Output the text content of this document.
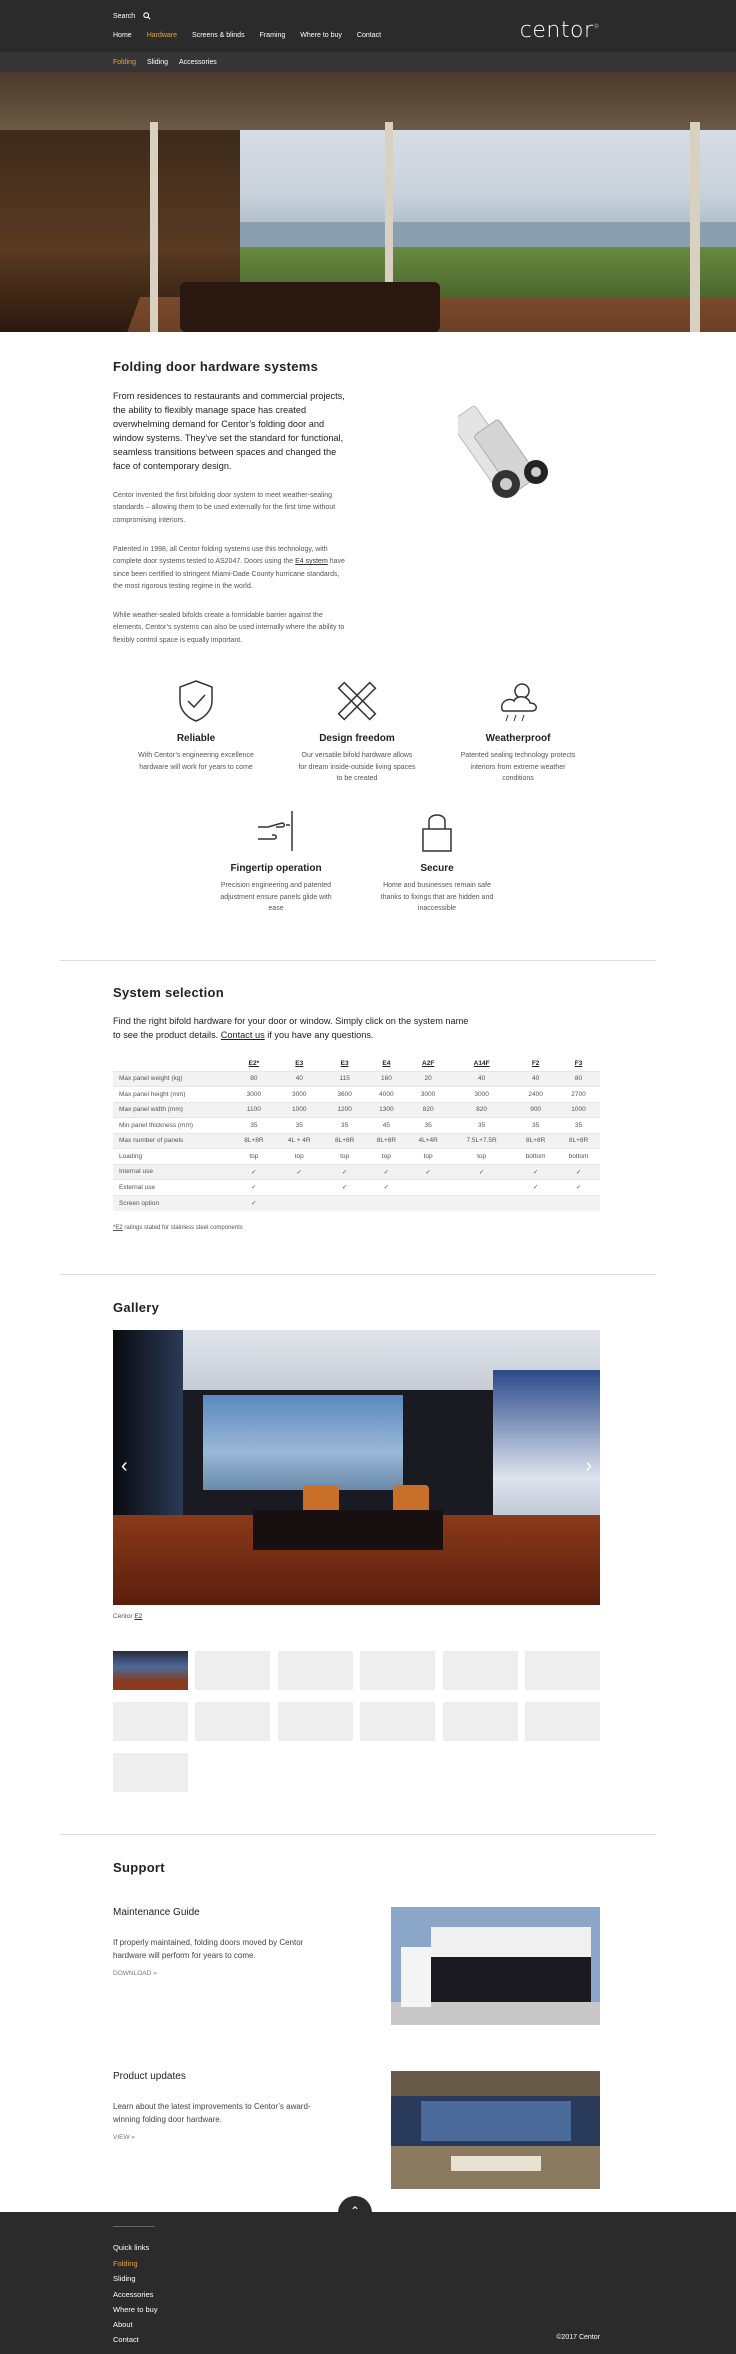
Search
Home Hardware Screens & blinds Framing Where to buy Contact	centor®
Folding Sliding Accessories
Folding door hardware systems

From residences to restaurants and commercial projects, the ability to flexibly manage space has created overwhelming demand for Centor’s folding door and window systems. They’ve set the standard for functional, seamless transitions between spaces and changed the face of contemporary design.

Centor invented the first bifolding door system to meet weather-sealing standards – allowing them to be used externally for the first time without compromising interiors.

Patented in 1998, all Centor folding systems use this technology, with complete door systems tested to AS2047. Doors using the E4 system have since been certified to stringent Miami-Dade County hurricane standards, the most rigorous testing regime in the world.

While weather-sealed bifolds create a formidable barrier against the elements, Centor’s systems can also be used internally where the ability to flexibly control space is equally important.

Reliable

With Centor’s engineering excellence hardware will work for years to come

Design freedom

Our versatile bifold hardware allows for dream inside-outside living spaces to be created

Weatherproof

Patented sealing technology protects interiors from extreme weather conditions

Fingertip operation

Precision engineering and patented adjustment ensure panels glide with ease

Secure

Home and businesses remain safe thanks to fixings that are hidden and inaccessible

System selection

Find the right bifold hardware for your door or window. Simply click on the system name to see the product details. Contact us if you have any questions.

	E2*	E3	E3	E4	A2F	A14F	F2	F3
Max panel weight (kg)	80	40	115	160	20	40	40	80
Max panel height (mm)	3000	3000	3600	4000	3000	3000	2400	2700
Max panel width (mm)	1100	1000	1200	1300	820	820	900	1000
Min panel thickness (mm)	35	35	35	45	35	35	35	35
Max number of panels	8L+8R	4L + 4R	8L+8R	8L+8R	4L+4R	7.5L+7.5R	8L+8R	8L+8R
Loading	top	top	top	top	top	top	bottom	bottom
Internal use	✓	✓	✓	✓	✓	✓	✓	✓
External use	✓		✓	✓			✓	✓
Screen option	✓							

*E2 ratings stated for stainless steel components

Gallery
‹	›

Centor E2

Support
Maintenance Guide

If properly maintained, folding doors moved by Centor hardware will perform for years to come.

DOWNLOAD »
Product updates

Learn about the latest improvements to Centor’s award-winning folding door hardware.

VIEW »
⌃

Quick links

Folding
Sliding
Accessories
Where to buy
About
Contact	©2017 Centor
